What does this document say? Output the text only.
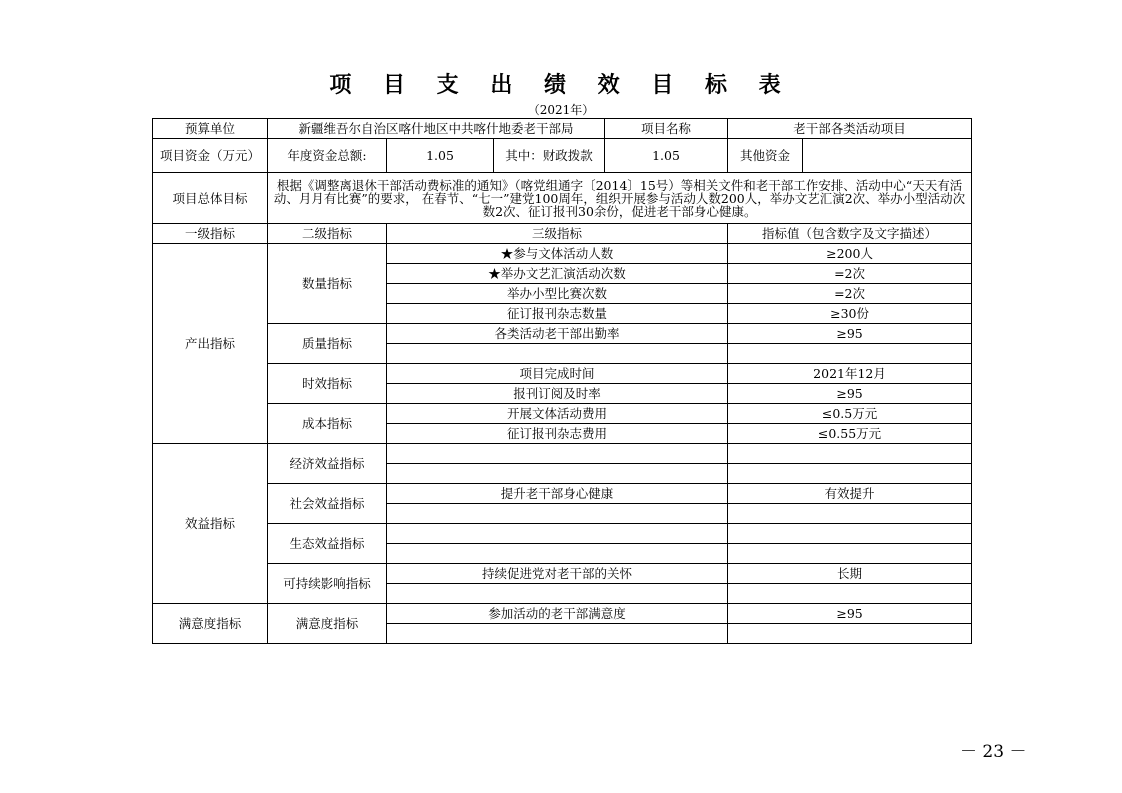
项 目 支 出 绩 效 目 标 表
（2021年）
预算单位	新疆维吾尔自治区喀什地区中共喀什地委老干部局			项目名称	老干部各类活动项目	
项目资金（万元）	年度资金总额:	1.05	其中：财政拨款	1.05	其他资金	
项目总体目标	根据《调整离退休干部活动费标准的通知》（喀党组通字〔2014〕15号）等相关文件和老干部工作安排、活动中心“天天有活动、月月有比赛”的要求， 在春节、“七一”建党100周年，组织开展参与活动人数200人，举办文艺汇演2次、举办小型活动次数2次、征订报刊30余份，促进老干部身心健康。					
一级指标	二级指标	三级指标			指标值（包含数字及文字描述）	
产出指标	数量指标	★参与文体活动人数			≥200人	
		★举办文艺汇演活动次数			=2次	
		举办小型比赛次数			=2次	
		征订报刊杂志数量			≥30份	
	质量指标	各类活动老干部出勤率			≥95	

	时效指标	项目完成时间			2021年12月	
		报刊订阅及时率			≥95	
	成本指标	开展文体活动费用			≤0.5万元	
		征订报刊杂志费用			≤0.55万元	
效益指标	经济效益指标					

	社会效益指标	提升老干部身心健康			有效提升	

	生态效益指标					

	可持续影响指标	持续促进党对老干部的关怀			长期	

满意度指标	满意度指标	参加活动的老干部满意度			≥95	

－ 23 －
